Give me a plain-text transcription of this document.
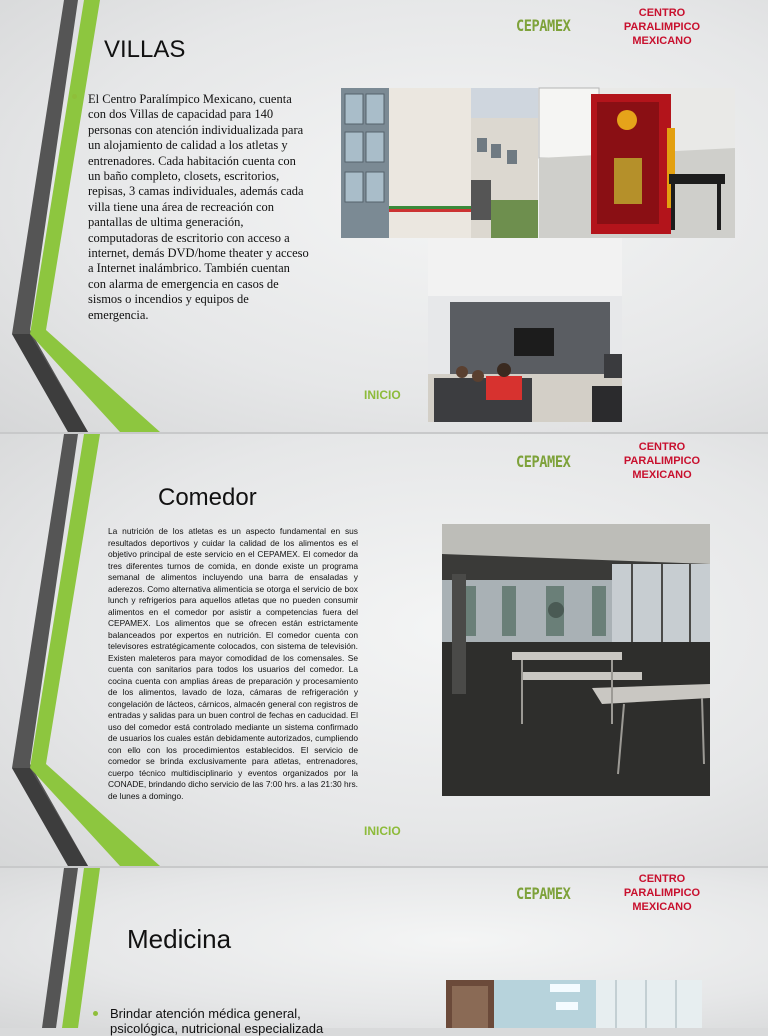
VILLAS
CEPAMEX
CENTRO
PARALIMPICO
MEXICANO
El Centro Paralímpico Mexicano, cuenta con dos Villas de capacidad para 140 personas con atención individualizada para un alojamiento de calidad a los atletas y entrenadores. Cada habitación cuenta con un baño completo, closets, escritorios, repisas, 3 camas individuales, además cada villa tiene una área de recreación con pantallas de ultima generación, computadoras de escritorio con acceso a internet, demás DVD/home theater y acceso a Internet inalámbrico. También cuentan con alarma de emergencia en casos de sismos o incendios y equipos de emergencia.
INICIO
Comedor
CEPAMEX
CENTRO
PARALIMPICO
MEXICANO
La nutrición de los atletas es un aspecto fundamental en sus resultados deportivos y cuidar la calidad de los alimentos es el objetivo principal de este servicio en el CEPAMEX. El comedor da tres diferentes turnos de comida, en donde existe un programa semanal de alimentos incluyendo una barra de ensaladas y aderezos. Como alternativa alimenticia se otorga el servicio de box lunch y refrigerios para aquellos atletas que no pueden consumir alimentos en el comedor por asistir a competencias fuera del CEPAMEX. Los alimentos que se ofrecen están estrictamente balanceados por expertos en nutrición. El comedor cuenta con televisores estratégicamente colocados, con sistema de televisión. Existen maleteros para mayor comodidad de los comensales. Se cuenta con sanitarios para todos los usuarios del comedor. La cocina cuenta con amplias áreas de preparación y procesamiento de los alimentos, lavado de loza, cámaras de refrigeración y congelación de lácteos, cárnicos, almacén general con registros de entradas y salidas para un buen control de fechas en caducidad. El uso del comedor está controlado mediante un sistema confirmado de usuarios los cuales están debidamente autorizados, cumpliendo con ello con los procedimientos establecidos. El servicio de comedor se brinda exclusivamente para atletas, entrenadores, cuerpo técnico multidisciplinario y eventos organizados por la CONADE, brindando dicho servicio de las 7:00 hrs. a las 21:30 hrs. de lunes a domingo.
INICIO
Medicina
CEPAMEX
CENTRO
PARALIMPICO
MEXICANO
Brindar atención médica general,
psicológica, nutricional especializada
